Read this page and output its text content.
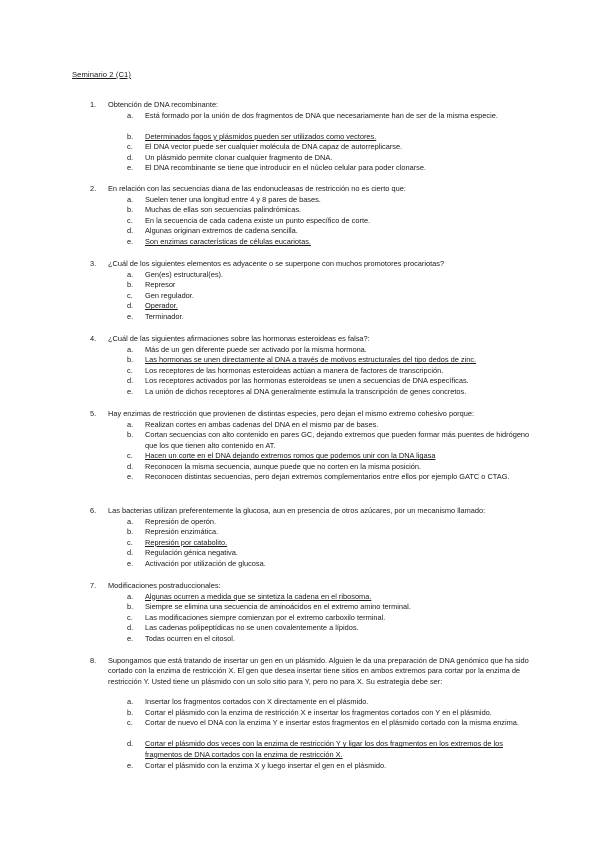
Seminario 2 (C1)
1. Obtención de DNA recombinante:
a. Está formado por la unión de dos fragmentos de DNA que necesariamente han de ser de la misma especie.
b. Determinados fagos y plásmidos pueden ser utilizados como vectores.
c. El DNA vector puede ser cualquier molécula de DNA capaz de autorreplicarse.
d. Un plásmido permite clonar cualquier fragmento de DNA.
e. El DNA recombinante se tiene que introducir en el núcleo celular para poder clonarse.
2. En relación con las secuencias diana de las endonucleasas de restricción no es cierto que:
a. Suelen tener una longitud entre 4 y 8 pares de bases.
b. Muchas de ellas son secuencias palindrómicas.
c. En la secuencia de cada cadena existe un punto específico de corte.
d. Algunas originan extremos de cadena sencilla.
e. Son enzimas características de células eucariotas.
3. ¿Cuál de los siguientes elementos es adyacente o se superpone con muchos promotores procariotas?
a. Gen(es) estructural(es).
b. Represor
c. Gen regulador.
d. Operador.
e. Terminador.
4. ¿Cuál de las siguientes afirmaciones sobre las hormonas esteroideas es falsa?:
a. Más de un gen diferente puede ser activado por la misma hormona.
b. Las hormonas se unen directamente al DNA a través de motivos estructurales del tipo dedos de zinc.
c. Los receptores de las hormonas esteroideas actúan a manera de factores de transcripción.
d. Los receptores activados por las hormonas esteroideas se unen a secuencias de DNA específicas.
e. La unión de dichos receptores al DNA generalmente estimula la transcripción de genes concretos.
5. Hay enzimas de restricción que provienen de distintas especies, pero dejan el mismo extremo cohesivo porque:
a. Realizan cortes en ambas cadenas del DNA en el mismo par de bases.
b. Cortan secuencias con alto contenido en pares GC, dejando extremos que pueden formar más puentes de hidrógeno que los que tienen alto contenido en AT.
c. Hacen un corte en el DNA dejando extremos romos que podemos unir con la DNA ligasa
d. Reconocen la misma secuencia, aunque puede que no corten en la misma posición.
e. Reconocen distintas secuencias, pero dejan extremos complementarios entre ellos por ejemplo GATC o CTAG.
6. Las bacterias utilizan preferentemente la glucosa, aun en presencia de otros azúcares, por un mecanismo llamado:
a. Represión de operón.
b. Represión enzimática.
c. Represión por catabolito.
d. Regulación génica negativa.
e. Activación por utilización de glucosa.
7. Modificaciones postraduccionales:
a. Algunas ocurren a medida que se sintetiza la cadena en el ribosoma.
b. Siempre se elimina una secuencia de aminoácidos en el extremo amino terminal.
c. Las modificaciones siempre comienzan por el extremo carboxilo terminal.
d. Las cadenas polipeptídicas no se unen covalentemente a lípidos.
e. Todas ocurren en el citosol.
8. Supongamos que está tratando de insertar un gen en un plásmido. Alguien le da una preparación de DNA genómico que ha sido cortado con la enzima de restricción X. El gen que desea insertar tiene sitios en ambos extremos para cortar por la enzima de restricción Y. Usted tiene un plásmido con un solo sitio para Y, pero no para X. Su estrategia debe ser:
a. Insertar los fragmentos cortados con X directamente en el plásmido.
b. Cortar el plásmido con la enzima de restricción X e insertar los fragmentos cortados con Y en el plásmido.
c. Cortar de nuevo el DNA con la enzima Y e insertar estos fragmentos en el plásmido cortado con la misma enzima.
d. Cortar el plásmido dos veces con la enzima de restricción Y y ligar los dos fragmentos en los extremos de los fragmentos de DNA cortados con la enzima de restricción X.
e. Cortar el plásmido con la enzima X y luego insertar el gen en el plásmido.
